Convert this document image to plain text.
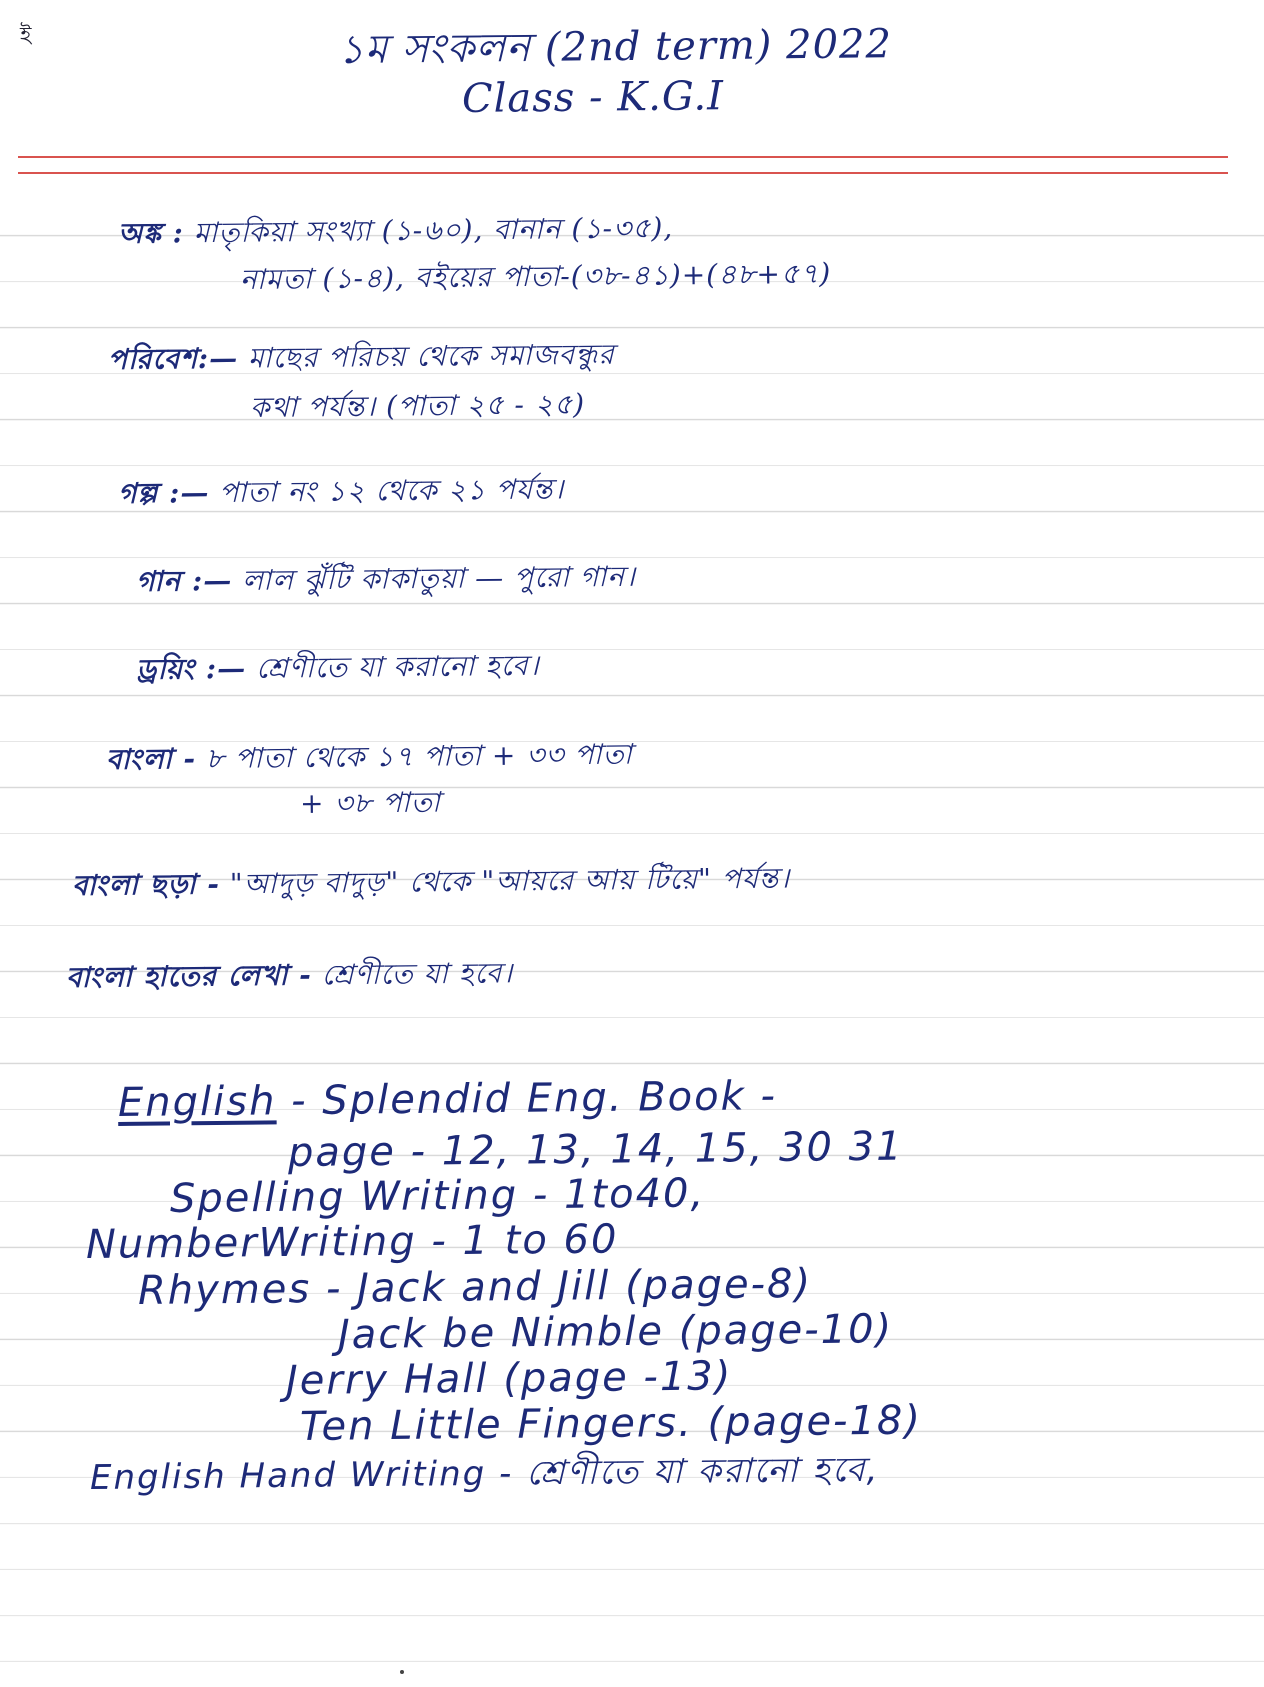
ই	১ম সংকলন (2nd term) 2022
Class - K.G.I
অঙ্ক : মাতৃকিয়া সংখ্যা (১-৬০), বানান (১-৩৫),
নামতা (১-৪), বইয়ের পাতা-(৩৮-৪১)+(৪৮+৫৭)
পরিবেশ:— মাছের পরিচয় থেকে সমাজবন্ধুর
কথা পর্যন্ত। (পাতা ২৫ - ২৫)
গল্প :— পাতা নং ১২ থেকে ২১ পর্যন্ত।
গান :— লাল ঝুঁটি কাকাতুয়া — পুরো গান।
ড্রয়িং :— শ্রেণীতে যা করানো হবে।
বাংলা - ৮ পাতা থেকে ১৭ পাতা + ৩৩ পাতা
+ ৩৮ পাতা
বাংলা ছড়া - "আদুড় বাদুড়" থেকে "আয়রে আয় টিয়ে" পর্যন্ত।
বাংলা হাতের লেখা - শ্রেণীতে যা হবে।
English - Splendid Eng. Book -
page - 12, 13, 14, 15, 30 31
Spelling Writing - 1to40,
NumberWriting - 1 to 60
Rhymes - Jack and Jill (page-8)
Jack be Nimble (page-10)
Jerry Hall (page -13)
Ten Little Fingers. (page-18)
English Hand Writing - শ্রেণীতে যা করানো হবে,
